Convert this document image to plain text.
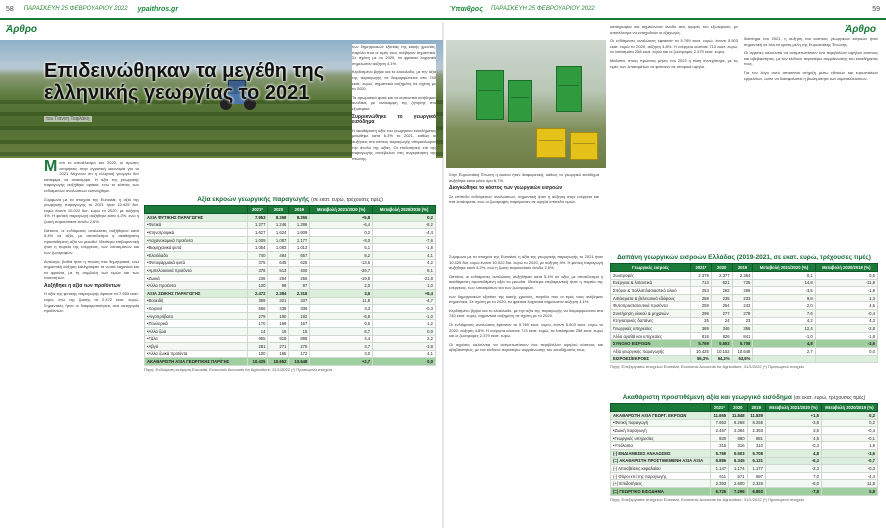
58 ΠΑΡΑΣΚΕΥΗ 25 ΦΕΒΡΟΥΑΡΙΟΥ 2022 ypaithros.gr	Ύπαιθρος ΠΑΡΑΣΚΕΥΗ 25 ΦΕΒΡΟΥΑΡΙΟΥ 2022	59
Άρθρο	Άρθρο
Επιδεινώθηκαν τα μεγέθη της ελληνικής γεωργίας το 2021
του Γιάννη Ταφλάκη
Μ ετά το αποτέλεσμα του 2020, οι πρώτες εκτιμήσεις στην αγροτική οικονομία για το 2021 δείχνουν ότι η ελληνική γεωργία δεν κατάφερε να ανακάμψει. Η αξία της γεωργικής παραγωγής αυξήθηκε οριακά, ενώ το κόστος των ενδιάμεσων αναλώσεων εκτινάχθηκε.

Σύμφωνα με τα στοιχεία της Eurostat, η αξία της γεωργικής παραγωγής το 2021 ήταν 10.425 δισ. ευρώ έναντι 10.022 δισ. ευρώ το 2020, με αύξηση 4%. Η φυτική παραγωγή αυξήθηκε κατά 4,2%, ενώ η ζωική παρουσίασε άνοδο 2,6%.

Ωστόσο, οι ενδιάμεσες αναλώσεις αυξήθηκαν κατά 5,4% σε αξία, με αποτέλεσμα η ακαθάριστη προστιθέμενη αξία να μειωθεί. Ιδιαίτερα επιβαρυντική ήταν η πορεία της ενέργειας, των λιπασμάτων και των ζωοτροφών.

Ανάλογα, βαθιά ήταν η πτώση στα δημητριακά, ενώ σημαντική αύξηση κατέγραψαν τα νωπά λαχανικά και τα φρούτα, με τη συμβολή των τιμών και των ποσοτήτων.

Αυξήθηκε η αξία των προϊόντων

Η αξία της φυτικής παραγωγής έφτασε τα 7.953 εκατ. ευρώ, ενώ της ζωικής τα 2.472 εκατ. ευρώ. Σημαντικές ήταν οι διαφοροποιήσεις ανά κατηγορία προϊόντων.

Αξία εκροών γεωργικής παραγωγής (σε εκατ. ευρώ, τρέχουσες τιμές)
	2021*	2020	2019	Μεταβολή 2021/2020 (%)	Μεταβολή 2020/2019 (%)
ΑΞΙΑ ΦΥΤΙΚΗΣ ΠΑΡΑΓΩΓΗΣ	7.953	8.268	8.255	+5,8	0,2
•Φυτικά	1.277	1.246	1.286	-6,4	-8,2
•Κτηνοτροφικά	1.627	1.624	1.609	0,2	-4,4
•Λαχανοκομικά προϊόντα	1.009	1.087	1.177	-8,0	-7,6
•Βιομηχανικά φυτά	1.054	1.083	1.013	5,1	-1,6
•Ελαιόλαδο	740	484	657	8,2	4,1
•Φυτοφαρμακά φυτά	375	645	626	-13,6	4,2
•Αμπελοοινικά προϊόντα	376	513	400	-26,7	8,1
•Ζωικά	236	294	256	-19,8	-21,8
•Άλλα προϊόντα	100	98	97	2,0	1,0
ΑΞΙΑ ΖΩΙΚΗΣ ΠΑΡΑΓΩΓΗΣ	2.472	2.384	2.318	3,6	+8,4
•Βοοειδή	359	321	337	11,8	-4,7
•Χοιρινό	566	335	336	3,3	-0,3
•Αιγοπρόβατα	279	190	192	-6,8	-1,0
•Πουλερικά	170	169	167	0,6	1,2
•Άλλα ζώα	14	15	15	6,7	0,0
•Γάλα	955	918	898	4,4	2,2
•Αβγά	281	271	276	3,7	-1,8
•Άλλα ζωικά προϊόντα	100	165	172	3,0	4,1
ΑΚΑΘΑΡΙΣΤΗ ΑΞΙΑ ΓΕΩΡΓΙΚΗΣ ΠΑΡ/ΓΗΣ	10.425	10.652	10.648	+2,7	0,0
Πηγή: Ενδιάμεση εκτίμηση Eurostat, Economic Accounts for Agriculture, 31/1/2022 (*) Προσωρινά στοιχεία

των δημητριακών εξαιτίας της κακής χρονιάς, παρόλο που οι τιμές τους ανέβηκαν σημαντικά. Σε σχέση με το 2020, τα φρέσκα λαχανικά σημείωσαν αύξηση 4,1%.

Κερδισμένο βγήκε και το ελαιόλαδο, με την αξία της παραγωγής να διαμορφώνεται στα 740 εκατ. ευρώ, σημαντικά αυξημένη σε σχέση με το 2020.

Τα αρωματικά φυτά και τα κηπευτικά κινήθηκαν ανοδικά, με ανάκαμψη της ζήτησης στο εξωτερικό.

Συρρικνώθηκε το γεωργικό εισόδημα

Η ακαθάριστη αξία του γεωργικού εισοδήματος μειώθηκε κατά 6,3% το 2021, καθώς οι αυξήσεις στο κόστος παραγωγής υπερκάλυψαν την άνοδο της αξίας. Οι επιδοτήσεις επί της παραγωγής συνέβαλαν στη συγκράτηση της πτώσης.

Στην Ευρωπαϊκή Ένωση η εικόνα ήταν διαφορετική, καθώς το γεωργικό εισόδημα αυξήθηκε κατά μέσο όρο 8,7%.

Διογκώθηκε το κόστος των γεωργικών εισροών

Σε επίπεδο ενδιάμεσων αναλώσεων, σημαντική ήταν η αύξηση στην ενέργεια και στα λιπάσματα, ενώ οι ζωοτροφές παρέμειναν σε υψηλά επίπεδα τιμών.

κατάγραψαν και σημειώνουν άνοδο στις αγορές του εξωτερικού, με αποτέλεσμα να ενισχυθούν οι εξαγωγές.

Οι ενδιάμεσες αναλώσεις έφτασαν τα 5.769 εκατ. ευρώ, έναντι 5.503 εκατ. ευρώ το 2020, αύξηση 4,8%. Η ενέργεια κόστισε 713 εκατ. ευρώ, τα λιπάσματα 258 εκατ. ευρώ και οι ζωοτροφές 2.379 εκατ. ευρώ.

Μάλιστα, στους πρώτους μήνες του 2022 η τάση συνεχίστηκε, με τις τιμές των λιπασμάτων να φτάνουν σε ιστορικά υψηλά.

διάστημα του 2021, η αύξηση του κόστους γεωργικών εισροών ήταν σημαντική σε όλα τα κράτη μέλη της Ευρωπαϊκής Ένωσης.

Οι αγρότες καλούνται να αντιμετωπίσουν ένα περιβάλλον υψηλού κόστους και αβεβαιότητας, με τον κίνδυνο περαιτέρω συρρίκνωσης του εισοδήματός τους.

Για τον λόγο αυτό απαιτείται στήριξη μέσω εθνικών και ευρωπαϊκών εργαλείων, ώστε να διασφαλιστεί η βιωσιμότητα των εκμεταλλεύσεων.

Δαπάνη γεωργικών εισροών Ελλάδας (2019-2021, σε εκατ. ευρώ, τρέχουσες τιμές)
Γεωργικές εισροές	2021*	2020	2019	Μεταβολή 2021/2020 (%)	Μεταβολή 2020/2019 (%)
Ζωοτροφές	2.379	2.377	2.364	0,1	0,5
Ενέργεια & λιπαντικά	713	621	725	14,8	-11,8
Σπόροι & πολλαπλασιαστικό υλικό	253	262	269	-3,5	-1,9
Λιπάσματα & βελτιωτικά εδάφους	258	235	233	9,8	1,3
Φυτοπροστατευτικά προϊόντα	259	254	243	2,0	4,5
Συντήρηση υλικού & μηχανών	298	277	278	7,6	-0,4
Κτηνιατρικές δαπάνες	25	24	23	4,2	4,3
Γεωργικές υπηρεσίες	389	346	356	12,4	-2,8
Άλλα αγαθά και υπηρεσίες	818	826	841	-1,0	-1,8
ΣΥΝΟΛΟ ΕΙΣΡΟΩΝ	5.769	5.503	5.708	4,8	-3,6
Αξία γεωργικής παραγωγής	10.425	10.152	10.648	2,7	0,0
ΕΙΣΡΟΕΣ/ΕΚΡΟΕΣ	55,3%	54,2%	53,6%		
Πηγή: Επεξεργασία στοιχείων Eurostat, Economic Accounts for Agriculture, 31/1/2022 (*) Προσωρινά στοιχεία
Ακαθάριστη προστιθέμενη αξία και γεωργικό εισόδημα (σε εκατ. ευρώ, τρέχουσες τιμές)
	2021*	2020	2019	Μεταβολή 2021/2020 (%)	Μεταβολή 2020/2019 (%)
ΑΚΑΘΑΡΙΣΤΗ ΑΞΙΑ ΓΕΩΡΓ. ΕΚΡΟΩΝ	11.655	11.848	11.839	+1,5	0,2
•Φυτική παραγωγή	7.953	8.268	8.255	-3,8	0,2
•Ζωική παραγωγή	2.467	2.384	2.393	3,5	-0,4
•Γεωργικές υπηρεσίες	920	880	881	4,5	-0,1
•Υπόλοιπα	315	316	310	-0,3	1,9
(-) ΕΝΔΙΑΜΕΣΕΣ ΑΝΑΛΩΣΕΙΣ	5.769	5.503	5.708	4,8	-3,6
(=) ΑΚΑΘΑΡΙΣΤΗ ΠΡΟΣΤΙΘΕΜΕΝΗ ΑΞΙΑ ΑΞΙΑ	5.886	6.345	6.131	-6,3	-0,7
(-) Αποσβέσεις κεφαλαίου	1.147	1.174	1.177	-2,3	-0,3
(-) Φόροι επί της παραγωγής	611	571	597	7,0	-4,4
(+) Επιδοτήσεις	2.393	2.600	2.326	-8,0	11,8
(=) ΓΕΩΡΓΙΚΟ ΕΙΣΟΔΗΜΑ	6.726	7.296	6.893	-7,8	5,8
Πηγή: Επεξεργασία στοιχείων Eurostat, Economic Accounts for Agriculture, 31/1/2022 (*) Προσωρινά στοιχεία

Σύμφωνα με τα στοιχεία της Eurostat, η αξία της γεωργικής παραγωγής το 2021 ήταν 10.425 δισ. ευρώ έναντι 10.022 δισ. ευρώ το 2020, με αύξηση 4%. Η φυτική παραγωγή αυξήθηκε κατά 4,2%, ενώ η ζωική παρουσίασε άνοδο 2,6%.

Ωστόσο, οι ενδιάμεσες αναλώσεις αυξήθηκαν κατά 5,4% σε αξία, με αποτέλεσμα η ακαθάριστη προστιθέμενη αξία να μειωθεί. Ιδιαίτερα επιβαρυντική ήταν η πορεία της ενέργειας, των λιπασμάτων και των ζωοτροφών.

των δημητριακών εξαιτίας της κακής χρονιάς, παρόλο που οι τιμές τους ανέβηκαν σημαντικά. Σε σχέση με το 2020, τα φρέσκα λαχανικά σημείωσαν αύξηση 4,1%.

Κερδισμένο βγήκε και το ελαιόλαδο, με την αξία της παραγωγής να διαμορφώνεται στα 740 εκατ. ευρώ, σημαντικά αυξημένη σε σχέση με το 2020.

Οι ενδιάμεσες αναλώσεις έφτασαν τα 5.769 εκατ. ευρώ, έναντι 5.503 εκατ. ευρώ το 2020, αύξηση 4,8%. Η ενέργεια κόστισε 713 εκατ. ευρώ, τα λιπάσματα 258 εκατ. ευρώ και οι ζωοτροφές 2.379 εκατ. ευρώ.

Οι αγρότες καλούνται να αντιμετωπίσουν ένα περιβάλλον υψηλού κόστους και αβεβαιότητας, με τον κίνδυνο περαιτέρω συρρίκνωσης του εισοδήματός τους.
